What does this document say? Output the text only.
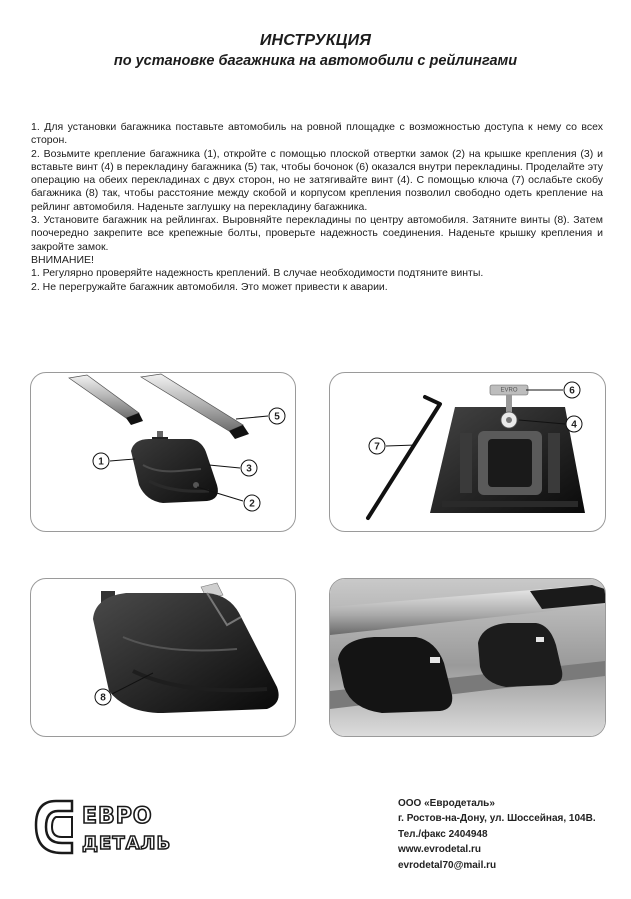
ИНСТРУКЦИЯ
по установке багажника на автомобили с рейлингами

1. Для установки багажника поставьте автомобиль на ровной площадке с возможностью доступа к нему со всех сторон.

2. Возьмите крепление багажника (1), откройте с помощью плоской отвертки замок (2) на крышке крепления (3) и вставьте винт (4) в перекладину багажника (5) так, чтобы бочонок (6) оказался внутри перекладины. Проделайте эту операцию на обеих перекладинах с двух сторон, но не затягивайте винт (4). С помощью ключа (7) ослабьте скобу багажника (8) так, чтобы расстояние между скобой и корпусом крепления позволил свободно одеть крепление на рейлинг автомобиля. Наденьте заглушку на перекладину багажника.

3. Установите багажник на рейлингах. Выровняйте перекладины по центру автомобиля. Затяните винты (8). Затем поочередно закрепите все крепежные болты, проверьте надежность соединения. Наденьте крышку крепления и закройте замок.

ВНИМАНИЕ!

1. Регулярно проверяйте надежность креплений. В случае необходимости подтяните винты.

2. Не перегружайте багажник автомобиля. Это может привести к аварии.

1
2
3
5
EVRO
4
6
7
8
ЕВРО
ДЕТАЛЬ
ООО «Евродеталь»
г. Ростов-на-Дону, ул. Шоссейная, 104В.
Тел./факс 2404948
www.evrodetal.ru
evrodetal70@mail.ru
